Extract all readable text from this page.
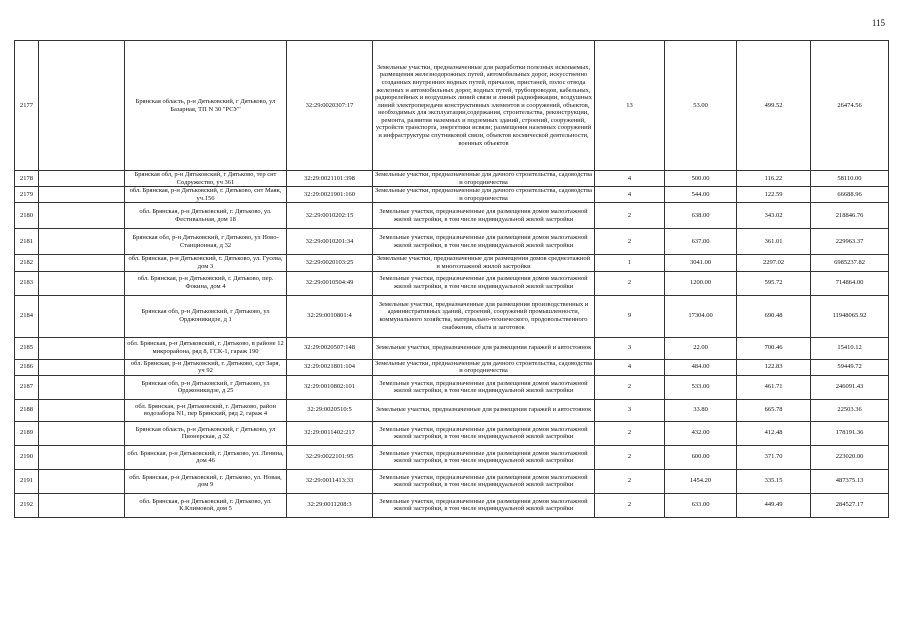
115
2177		Брянская область, р-н Дятьковский, г Дятьково, ул Базарная, ТП N 30 "РСУ"	32:29:0020307:17	Земельные участки, предназначенные для разработки полезных ископаемых, размещения железнодорожных путей, автомобильных дорог, искусственно созданных внутренних водных путей, причалов, пристаней, полос отвода железных и автомобильных дорог, водных путей, трубопроводов, кабельных, радиорелейных и воздушных линий связи и линий радиофикации, воздушных линий электропередачи конструктивных элементов и сооружений, объектов, необходимых для эксплуатации,содержания, строительства, реконструкции, ремонта, развития наземных и подземных зданий, строений, сооружений, устройств транспорта, энергетики иcвязи; размещения наземных сооружений и инфраструктуры спутниковой связи, объектов космической деятельности, военных объектов	13	53.00	499.52	26474.56
2178		Брянская обл, р-н Дятьковский, г Дятьково, тер снт Содружество, уч 361	32:29:0021101:398	Земельные участки, предназначенные для дачного строительства, садоводства и огородничества	4	500.00	116.22	58110.00
2179		обл. Брянская, р-н Дятьковский, г. Дятьково, снт Маяк, уч.156	32:29:0021901:160	Земельные участки, предназначенные для дачного строительства, садоводства и огородничества	4	544.00	122.59	66688.96
2180		обл. Брянская, р-н Дятьковский, г. Дятьково, ул. Фестивальная, дом 18	32:29:0010202:15	Земельные участки, предназначенные для размещения домов малоэтажной жилой застройки, в том числе индивидуальной жилой застройки	2	638.00	343.02	218846.76
2181		Брянская обл, р-н Дятьковский, г Дятьково, ул Ново-Станционная, д 32	32:29:0010201:34	Земельные участки, предназначенные для размещения домов малоэтажной жилой застройки, в том числе индивидуальной жилой застройки	2	637.00	361.01	229963.37
2182		обл. Брянская, р-н Дятьковский, г. Дятьково, ул. Гусева, дом 3	32:29:0020103:25	Земельные участки, предназначенные для размещения домов среднеэтажной и многоэтажной жилой застройки	1	3041.00	2297.02	6985237.82
2183		обл. Брянская, р-н Дятьковский, г. Дятьково, пер. Фокина, дом 4	32:29:0010504:49	Земельные участки, предназначенные для размещения домов малоэтажной жилой застройки, в том числе индивидуальной жилой застройки	2	1200.00	595.72	714864.00
2184		Брянская обл, р-н Дятьковский, г Дятьково, ул Орджоникидзе, д 1	32:29:0010801:4	Земельные участки, предназначенные для размещения производственных и административных зданий, строений, сооружений промышленности, коммунального хозяйства, материально-технического, продовольственного снабжения, сбыта и заготовок	9	17304.00	690.48	11948065.92
2185		обл. Брянская, р-н Дятьковский, г. Дятьково, в районе 12 микрорайона, ряд 8, ГСК-1, гараж 190	32:29:0020507:148	Земельные участки, предназначенные для размещения гаражей и автостоянок	3	22.00	700.46	15410.12
2186		обл. Брянская, р-н Дятьковский, г. Дятьково, сдт Заря, уч 92	32:29:0021801:104	Земельные участки, предназначенные для дачного строительства, садоводства и огородничества	4	484.00	122.83	59449.72
2187		Брянская обл, р-н Дятьковский, г Дятьково, ул Орджоникидзе, д 25	32:29:0010802:101	Земельные участки, предназначенные для размещения домов малоэтажной жилой застройки, в том числе индивидуальной жилой застройки	2	533.00	461.71	246091.43
2188		обл. Брянская, р-н Дятьковский, г. Дятьково, район водозабора N1, пер Брянский, ряд 2, гараж 4	32:29:0020510:5	Земельные участки, предназначенные для размещения гаражей и автостоянок	3	33.80	665.78	22503.36
2189		Брянская область, р-н Дятьковский, г Дятьково, ул Пионерская, д 32	32:29:0011402:217	Земельные участки, предназначенные для размещения домов малоэтажной жилой застройки, в том числе индивидуальной жилой застройки	2	432.00	412.48	178191.36
2190		обл. Брянская, р-н Дятьковский, г. Дятьково, ул. Ленина, дом 46	32:29:0022101:95	Земельные участки, предназначенные для размещения домов малоэтажной жилой застройки, в том числе индивидуальной жилой застройки	2	600.00	371.70	223020.00
2191		обл. Брянская, р-н Дятьковский, г. Дятьково, ул. Новая, дом 9	32:29:0011413:33	Земельные участки, предназначенные для размещения домов малоэтажной жилой застройки, в том числе индивидуальной жилой застройки	2	1454.20	335.15	487375.13
2192		обл. Брянская, р-н Дятьковский, г. Дятьково, ул. К.Климовой, дом 5	32:29:0011208:3	Земельные участки, предназначенные для размещения домов малоэтажной жилой застройки, в том числе индивидуальной жилой застройки	2	633.00	449.49	284527.17
